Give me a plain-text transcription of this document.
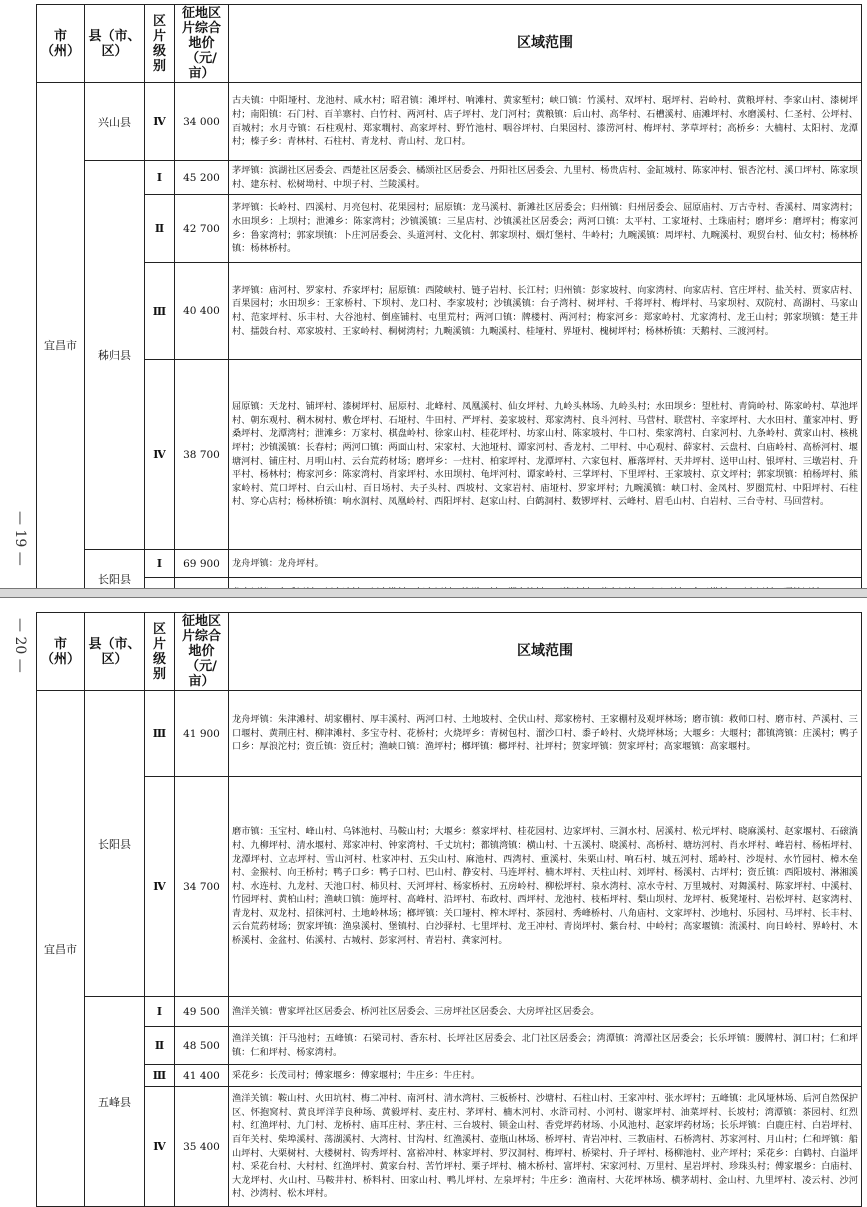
— 19 —
市（州）	县（市、区）	区片级别	征地区片综合地价（元/亩）	区域范围
宜昌市	兴山县	Ⅳ	34 000	古夫镇：中阳垭村、龙池村、咸水村；昭君镇：滩坪村、响滩村、黄家堑村；峡口镇：竹溪村、双坪村、琚坪村、岩岭村、黄粮坪村、李家山村、漆树坪村；南阳镇：石门村、百羊寨村、白竹村、两河村、店子坪村、龙门河村；黄粮镇：后山村、高华村、石槽溪村、庙滩坪村、水磨溪村、仁圣村、公坪村、百城村；水月寺镇：石柱观村、郑家墹村、高家坪村、野竹池村、咽谷坪村、白果园村、漆涝河村、梅坪村、茅草坪村；高桥乡：大楠村、太阳村、龙潭村；榛子乡：青林村、石柱村、青龙村、青山村、龙口村。
	秭归县	Ⅰ	45 200	茅坪镇：滨湖社区居委会、西楚社区居委会、橘颂社区居委会、丹阳社区居委会、九里村、杨贵店村、金缸城村、陈家冲村、银杏沱村、溪口坪村、陈家坝村、建东村、松树坳村、中坝子村、兰陵溪村。
		Ⅱ	42 700	茅坪镇：长岭村、四溪村、月亮包村、花果园村；屈原镇：龙马溪村、新滩社区居委会；归州镇：归州居委会、屈原庙村、万古寺村、香溪村、周家湾村；水田坝乡：上坝村；泄滩乡：陈家湾村；沙镇溪镇：三星店村、沙镇溪社区居委会；两河口镇：太平村、工家垭村、土珠庙村；磨坪乡：磨坪村；梅家河乡：鲁家湾村；郭家坝镇：卜庄河居委会、头道河村、文化村、郭家坝村、烟灯堡村、牛岭村；九畹溪镇：周坪村、九畹溪村、观贸台村、仙女村；杨林桥镇：杨林桥村。
		Ⅲ	40 400	茅坪镇：庙河村、罗家村、乔家坪村；屈原镇：西陵峡村、链子岩村、长江村；归州镇：彭家坡村、向家湾村、向家店村、官庄坪村、盐关村、贾家店村、百果园村；水田坝乡：王家桥村、下坝村、龙口村、李家坡村；沙镇溪镇：台子湾村、树坪村、千将坪村、梅坪村、马家坝村、双院村、高湖村、马家山村、范家坪村、乐丰村、大谷池村、倒座铺村、屯里荒村；两河口镇：牌楼村、两河村；梅家河乡：郑家岭村、尤家湾村、龙王山村；郭家坝镇：楚王井村、擂鼓台村、邓家坡村、王家岭村、桐树湾村；九畹溪镇：九畹溪村、桂垭村、界垭村、槐树坪村；杨林桥镇：天鹅村、三渡河村。
		Ⅳ	38 700	屈原镇：天龙村、铺坪村、漆树坪村、屈原村、北峰村、凤凰溪村、仙女坪村、九岭头林场、九岭头村；水田坝乡：望杜村、青筒岭村、陈家岭村、草池坪村、朝东观村、稠木树村、敷仓坪村、石垭村、牛田村、严坪村、姜家坡村、郑家湾村、良斗河村、马营村、联营村、辛家坪村、大水田村、董家冲村、野桑坪村、龙潭湾村；泄滩乡：万家村、棋盘岭村、徐家山村、桂花坪村、坊家山村、陈家坡村、牛口村、柴家湾村、白家河村、九条岭村、黄家山村、核桃坪村；沙镇溪镇：长春村；两河口镇：两面山村、宋家村、大池垭村、谭家河村、香龙村、二甲村、中心观村、薛家村、云盘村、白庙岭村、高桥河村、堰塘河村、铺庄村、月明山村、云台荒药材场；磨坪乡：一炷村、柏家坪村、龙潭坪村、六家包村、雁落坪村、天井坪村、送甲山村、银坪村、三墩岩村、升平村、杨林村；梅家河乡：陈家湾村、肖家坪村、水田坝村、龟坪河村、谭家岭村、三掌坪村、下里坪村、王家坡村、京文坪村；郭家坝镇：柏杨坪村、熊家岭村、荒口坪村、白云山村、百日场村、夫子头村、西坡村、文家岩村、庙垭村、罗家坪村；九畹溪镇：峡口村、金凤村、罗圈荒村、中阳坪村、石柱村、穿心店村；杨林桥镇：响水洞村、凤凰岭村、西阳坪村、赵家山村、白鹤洞村、数锣坪村、云峰村、眉毛山村、白岩村、三台寺村、马回营村。
	长阳县	Ⅰ	69 900	龙舟坪镇：龙舟坪村。

— 20 — 市（州）	县（市、区）	区片级别	征地区片综合地价（元/亩）	区域范围
宜昌市	长阳县	Ⅲ	41 900	龙舟坪镇：朱津滩村、胡家棚村、厚丰溪村、两河口村、土地坡村、全伏山村、郑家榜村、王家棚村及观坪林场；磨市镇：救师口村、磨市村、芦溪村、三口堰村、黄荆庄村、柳津滩村、多宝寺村、花桥村；火烧坪乡：青树包村、溜沙口村、黍子岭村、火烧坪林场；大堰乡：大堰村；都镇湾镇：庄溪村；鸭子口乡：厚浪沱村；资丘镇：资丘村；渔峡口镇：渔坪村；榔坪镇：榔坪村、社坪村；贺家坪镇：贺家坪村；高家堰镇：高家堰村。
		Ⅳ	34 700	磨市镇：玉宝村、峰山村、乌钵池村、马鞍山村；大堰乡：蔡家坪村、桂花园村、边家坪村、三洞水村、居溪村、松元坪村、晓麻溪村、赵家堰村、石磙淌村、九柳坪村、清水堰村、郑家冲村、钟家湾村、千丈坑村；都镇湾镇：横山村、十五溪村、晓溪村、高桥村、塘坊河村、肖水坪村、峰岩村、杨柘坪村、龙潭坪村、立志坪村、雪山河村、杜家冲村、五尖山村、麻池村、西湾村、重溪村、朱栗山村、响石村、城五河村、瑶岭村、沙堤村、水竹园村、樟木垒村、金猴村、向王桥村；鸭子口乡：鸭子口村、巴山村、静安村、马连坪村、楠木坪村、天柱山村、刘坪村、杨溪村、古坪村；资丘镇：西阳坡村、淋湘溪村、水连村、九龙村、天池口村、柿贝村、天河坪村、杨家桥村、五房岭村、柳松坪村、泉水湾村、凉水寺村、万里城村、对舞溪村、陈家坪村、中溪村、竹园坪村、黄柏山村；渔峡口镇：施坪村、高峰村、沿坪村、布政村、西坪村、龙池村、枝柘坪村、梨山坝村、龙坪村、板凳垭村、岩松坪村、赵家湾村、青龙村、双龙村、招徕河村、土地岭林场；榔坪镇：关口垭村、榨木坪村、茶园村、秀峰桥村、八角庙村、文家坪村、沙地村、乐园村、马坪村、长丰村、云台荒药材场；贺家坪镇：渔泉溪村、堡镇村、白沙驿村、七里坪村、龙王冲村、青岗坪村、紫台村、中岭村；高家堰镇：流溪村、向日岭村、界岭村、木桥溪村、金盆村、佑溪村、古城村、彭家河村、青岩村、龚家河村。
	五峰县	Ⅰ	49 500	渔洋关镇：曹家坪社区居委会、桥河社区居委会、三房坪社区居委会、大房坪社区居委会。
		Ⅱ	48 500	渔洋关镇：汗马池村；五峰镇：石梁司村、香东村、长坪社区居委会、北门社区居委会；湾潭镇：湾潭社区居委会；长乐坪镇：腰牌村、洞口村；仁和坪镇：仁和坪村、杨家湾村。
		Ⅲ	41 400	采花乡：长茂司村；傅家堰乡：傅家堰村；牛庄乡：牛庄村。
		Ⅳ	35 400	渔洋关镇：鞍山村、火田坑村、梅二冲村、南河村、清水湾村、三板桥村、沙塘村、石柱山村、王家冲村、张水坪村；五峰镇：北风垭林场、后河自然保护区、怀抱窝村、黄良坪洋芋良种场、黄毅坪村、麦庄村、茅坪村、楠木河村、水浒司村、小河村、谢家坪村、油菜坪村、长坡村；湾潭镇：茶园村、红烈村、红渔坪村、九门村、龙桥村、庙耳庄村、茅庄村、三台坡村、锁金山村、香党坪药材场、小风池村、赵家坪药材场；长乐坪镇：白鹿庄村、白岩坪村、百年关村、柴埠溪村、荡湖溪村、大湾村、甘沟村、红渔溪村、壶瓶山林场、桥坪村、青岩冲村、三教庙村、石桥湾村、苏家河村、月山村；仁和坪镇：船山坪村、大栗树村、大楼树村、钩秀坪村、富裕冲村、林家坪村、罗汉洞村、梅坪村、桥梁村、升子坪村、杨柳池村、业产坪村；采花乡：白鹤村、白溢坪村、采花台村、大村村、红渔坪村、黄家台村、苦竹坪村、栗子坪村、楠木桥村、富坪村、宋家河村、万里村、星岩坪村、珍珠头村；傅家堰乡：白庙村、大龙坪村、火山村、马鞍井村、桥料村、田家山村、鸭儿坪村、左泉坪村；牛庄乡：渔南村、大花坪林场、横茅胡村、金山村、九里坪村、凌云村、沙河村、沙湾村、松木坪村。
